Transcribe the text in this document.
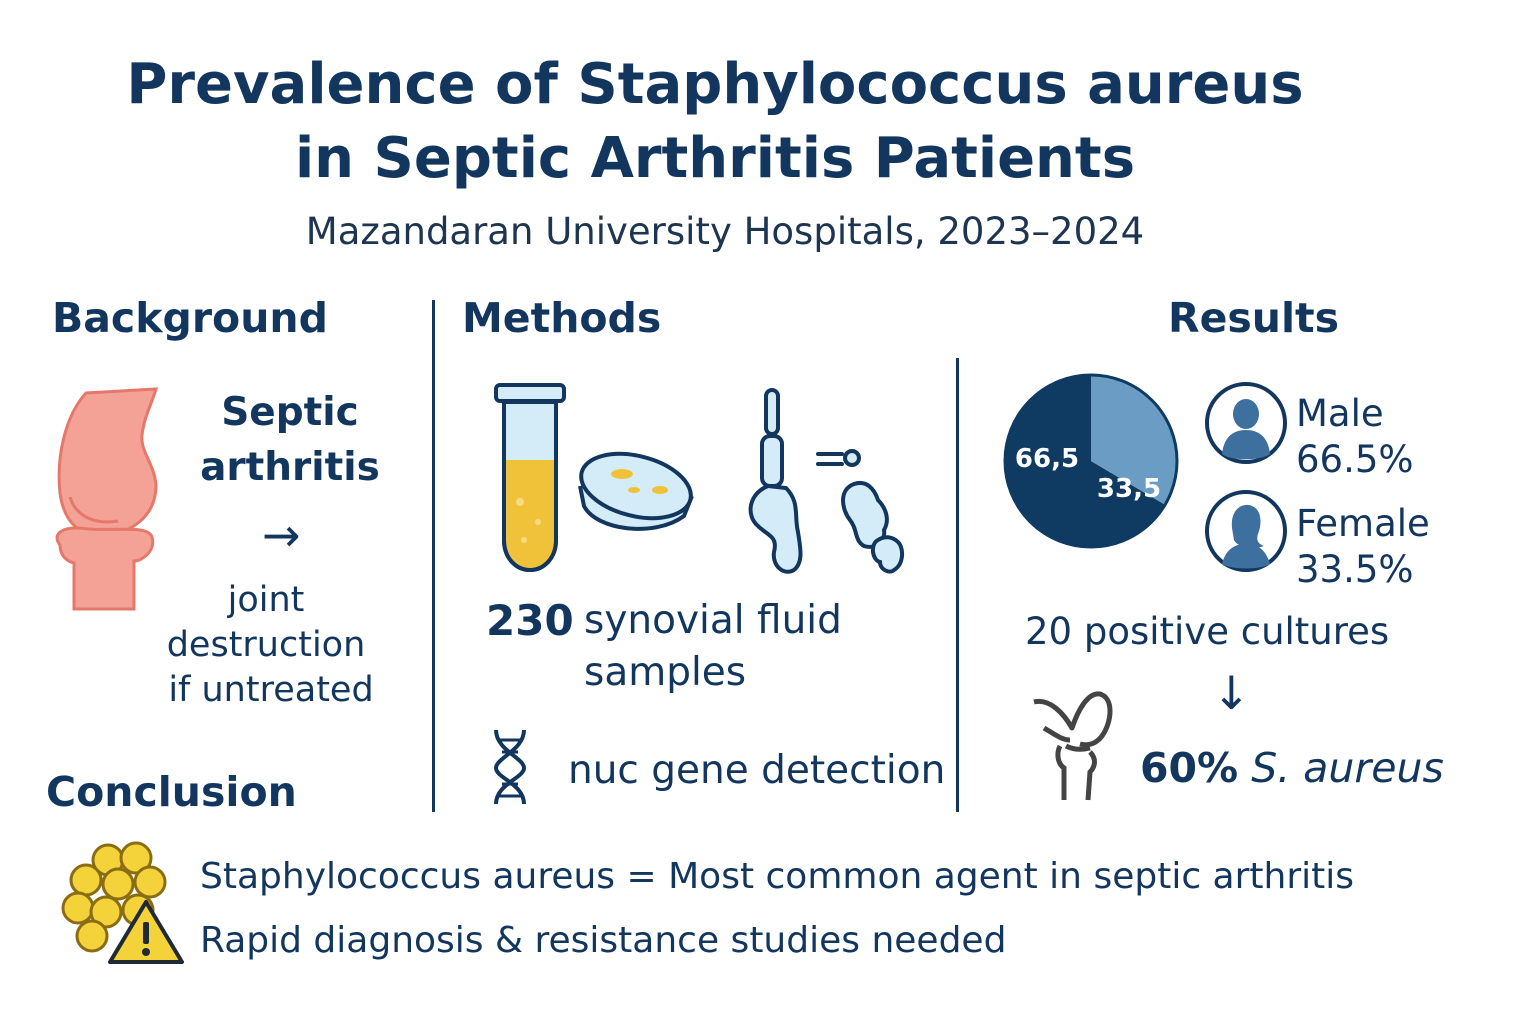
Prevalence of Staphylococcus aureus
in Septic Arthritis Patients
Mazandaran University Hospitals, 2023–2024
Background
Septic
arthritis
→
joint
destruction
if untreated
Methods
230 synovial fluid
samples
nuc gene detection
Results
66,5
33,5
Male
66.5%
Female
33.5%
20 positive cultures
↓
60% S. aureus
Conclusion
Staphylococcus aureus = Most common agent in septic arthritis
Rapid diagnosis & resistance studies needed
